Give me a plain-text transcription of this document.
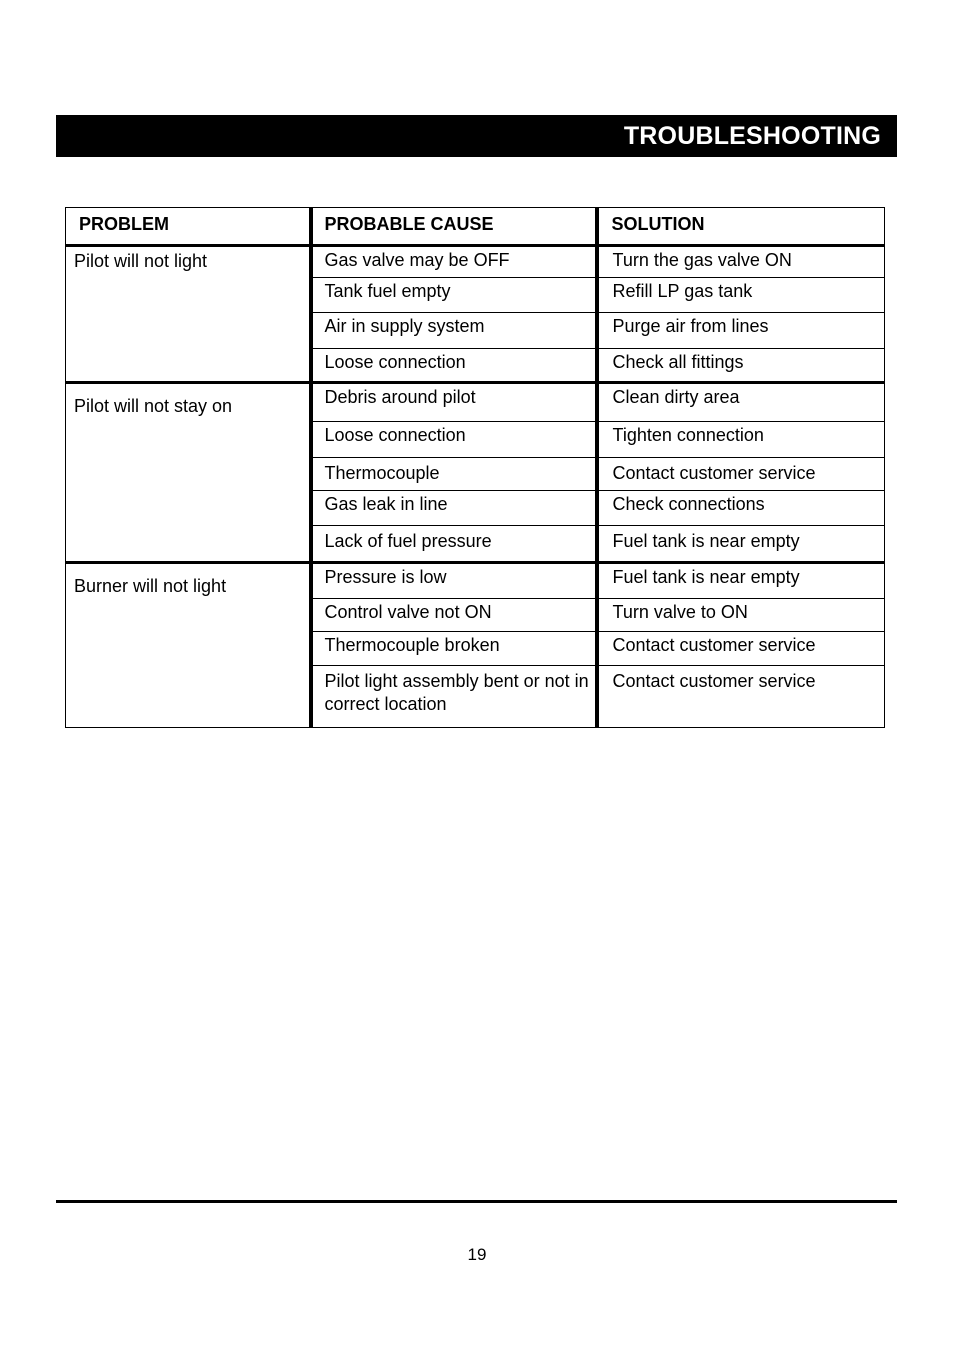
TROUBLESHOOTING
PROBLEM	PROBABLE CAUSE	SOLUTION
Pilot will not light	Gas valve may be OFF	Turn the gas valve ON
	Tank fuel empty	Refill LP gas tank
	Air in supply system	Purge air from lines
	Loose connection	Check all fittings
Pilot will not stay on	Debris around pilot	Clean dirty area
	Loose connection	Tighten connection
	Thermocouple	Contact customer service
	Gas leak in line	Check connections
	Lack of fuel pressure	Fuel tank is near empty
Burner will not light	Pressure is low	Fuel tank is near empty
	Control valve not ON	Turn valve to ON
	Thermocouple broken	Contact customer service
	Pilot light assembly bent or not in correct location	Contact customer service
19
